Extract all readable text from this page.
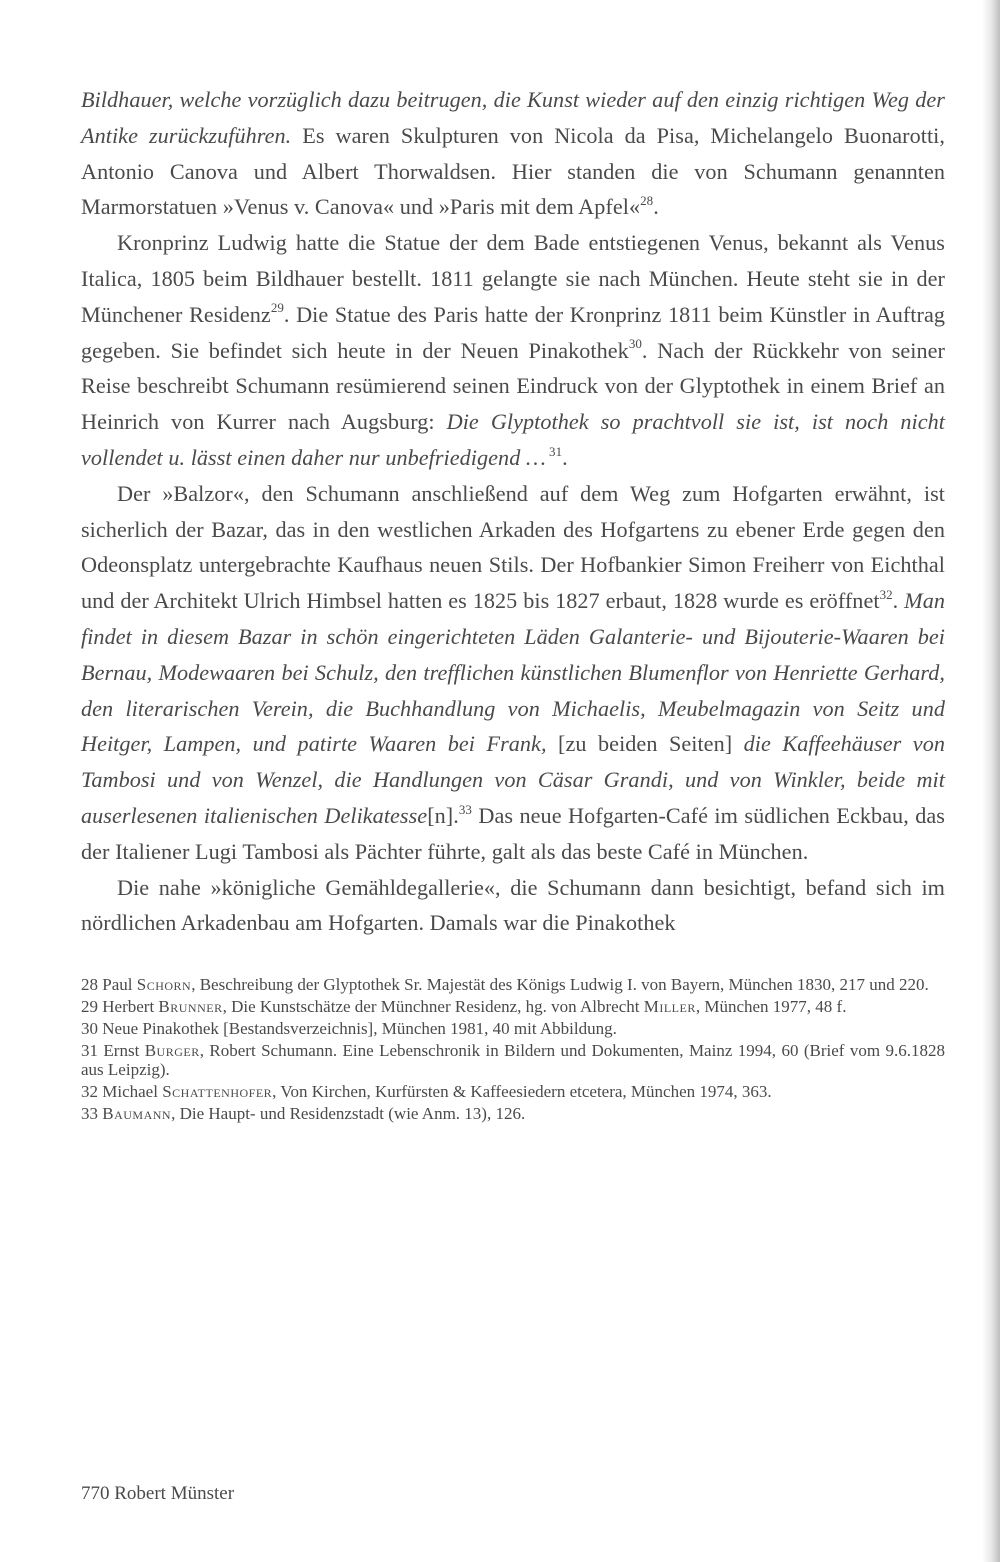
Bildhauer, welche vorzüglich dazu beitrugen, die Kunst wieder auf den einzig richtigen Weg der Antike zurückzuführen. Es waren Skulpturen von Nicola da Pisa, Michelangelo Buonarotti, Antonio Canova und Albert Thorwaldsen. Hier standen die von Schumann genannten Marmorstatuen »Venus v. Canova« und »Paris mit dem Apfel«$^{28}$.

Kronprinz Ludwig hatte die Statue der dem Bade entstiegenen Venus, bekannt als Venus Italica, 1805 beim Bildhauer bestellt. 1811 gelangte sie nach München. Heute steht sie in der Münchener Residenz$^{29}$. Die Statue des Paris hatte der Kronprinz 1811 beim Künstler in Auftrag gegeben. Sie befindet sich heute in der Neuen Pinakothek$^{30}$. Nach der Rückkehr von seiner Reise beschreibt Schumann resümierend seinen Eindruck von der Glyptothek in einem Brief an Heinrich von Kurrer nach Augsburg: Die Glyptothek so prachtvoll sie ist, ist noch nicht vollendet u. lässt einen daher nur unbefriedigend … $^{31}$.

Der »Balzor«, den Schumann anschließend auf dem Weg zum Hofgarten erwähnt, ist sicherlich der Bazar, das in den westlichen Arkaden des Hofgartens zu ebener Erde gegen den Odeonsplatz untergebrachte Kaufhaus neuen Stils. Der Hofbankier Simon Freiherr von Eichthal und der Architekt Ulrich Himbsel hatten es 1825 bis 1827 erbaut, 1828 wurde es eröffnet$^{32}$. Man findet in diesem Bazar in schön eingerichteten Läden Galanterie- und Bijouterie-Waaren bei Bernau, Modewaaren bei Schulz, den trefflichen künstlichen Blumenflor von Henriette Gerhard, den literarischen Verein, die Buchhandlung von Michaelis, Meubelmagazin von Seitz und Heitger, Lampen, und patirte Waaren bei Frank, [zu beiden Seiten] die Kaffeehäuser von Tambosi und von Wenzel, die Handlungen von Cäsar Grandi, und von Winkler, beide mit auserlesenen italienischen Delikatesse[n].$^{33}$ Das neue Hofgarten-Café im südlichen Eckbau, das der Italiener Lugi Tambosi als Pächter führte, galt als das beste Café in München.

Die nahe »königliche Gemähldegallerie«, die Schumann dann besichtigt, befand sich im nördlichen Arkadenbau am Hofgarten. Damals war die Pinakothek

28 Paul Schorn, Beschreibung der Glyptothek Sr. Majestät des Königs Ludwig I. von Bayern, München 1830, 217 und 220.

29 Herbert Brunner, Die Kunstschätze der Münchner Residenz, hg. von Albrecht Miller, München 1977, 48 f.

30 Neue Pinakothek [Bestandsverzeichnis], München 1981, 40 mit Abbildung.

31 Ernst Burger, Robert Schumann. Eine Lebenschronik in Bildern und Dokumenten, Mainz 1994, 60 (Brief vom 9.6.1828 aus Leipzig).

32 Michael Schattenhofer, Von Kirchen, Kurfürsten & Kaffeesiedern etcetera, München 1974, 363.

33 Baumann, Die Haupt- und Residenzstadt (wie Anm. 13), 126.

770 Robert Münster
